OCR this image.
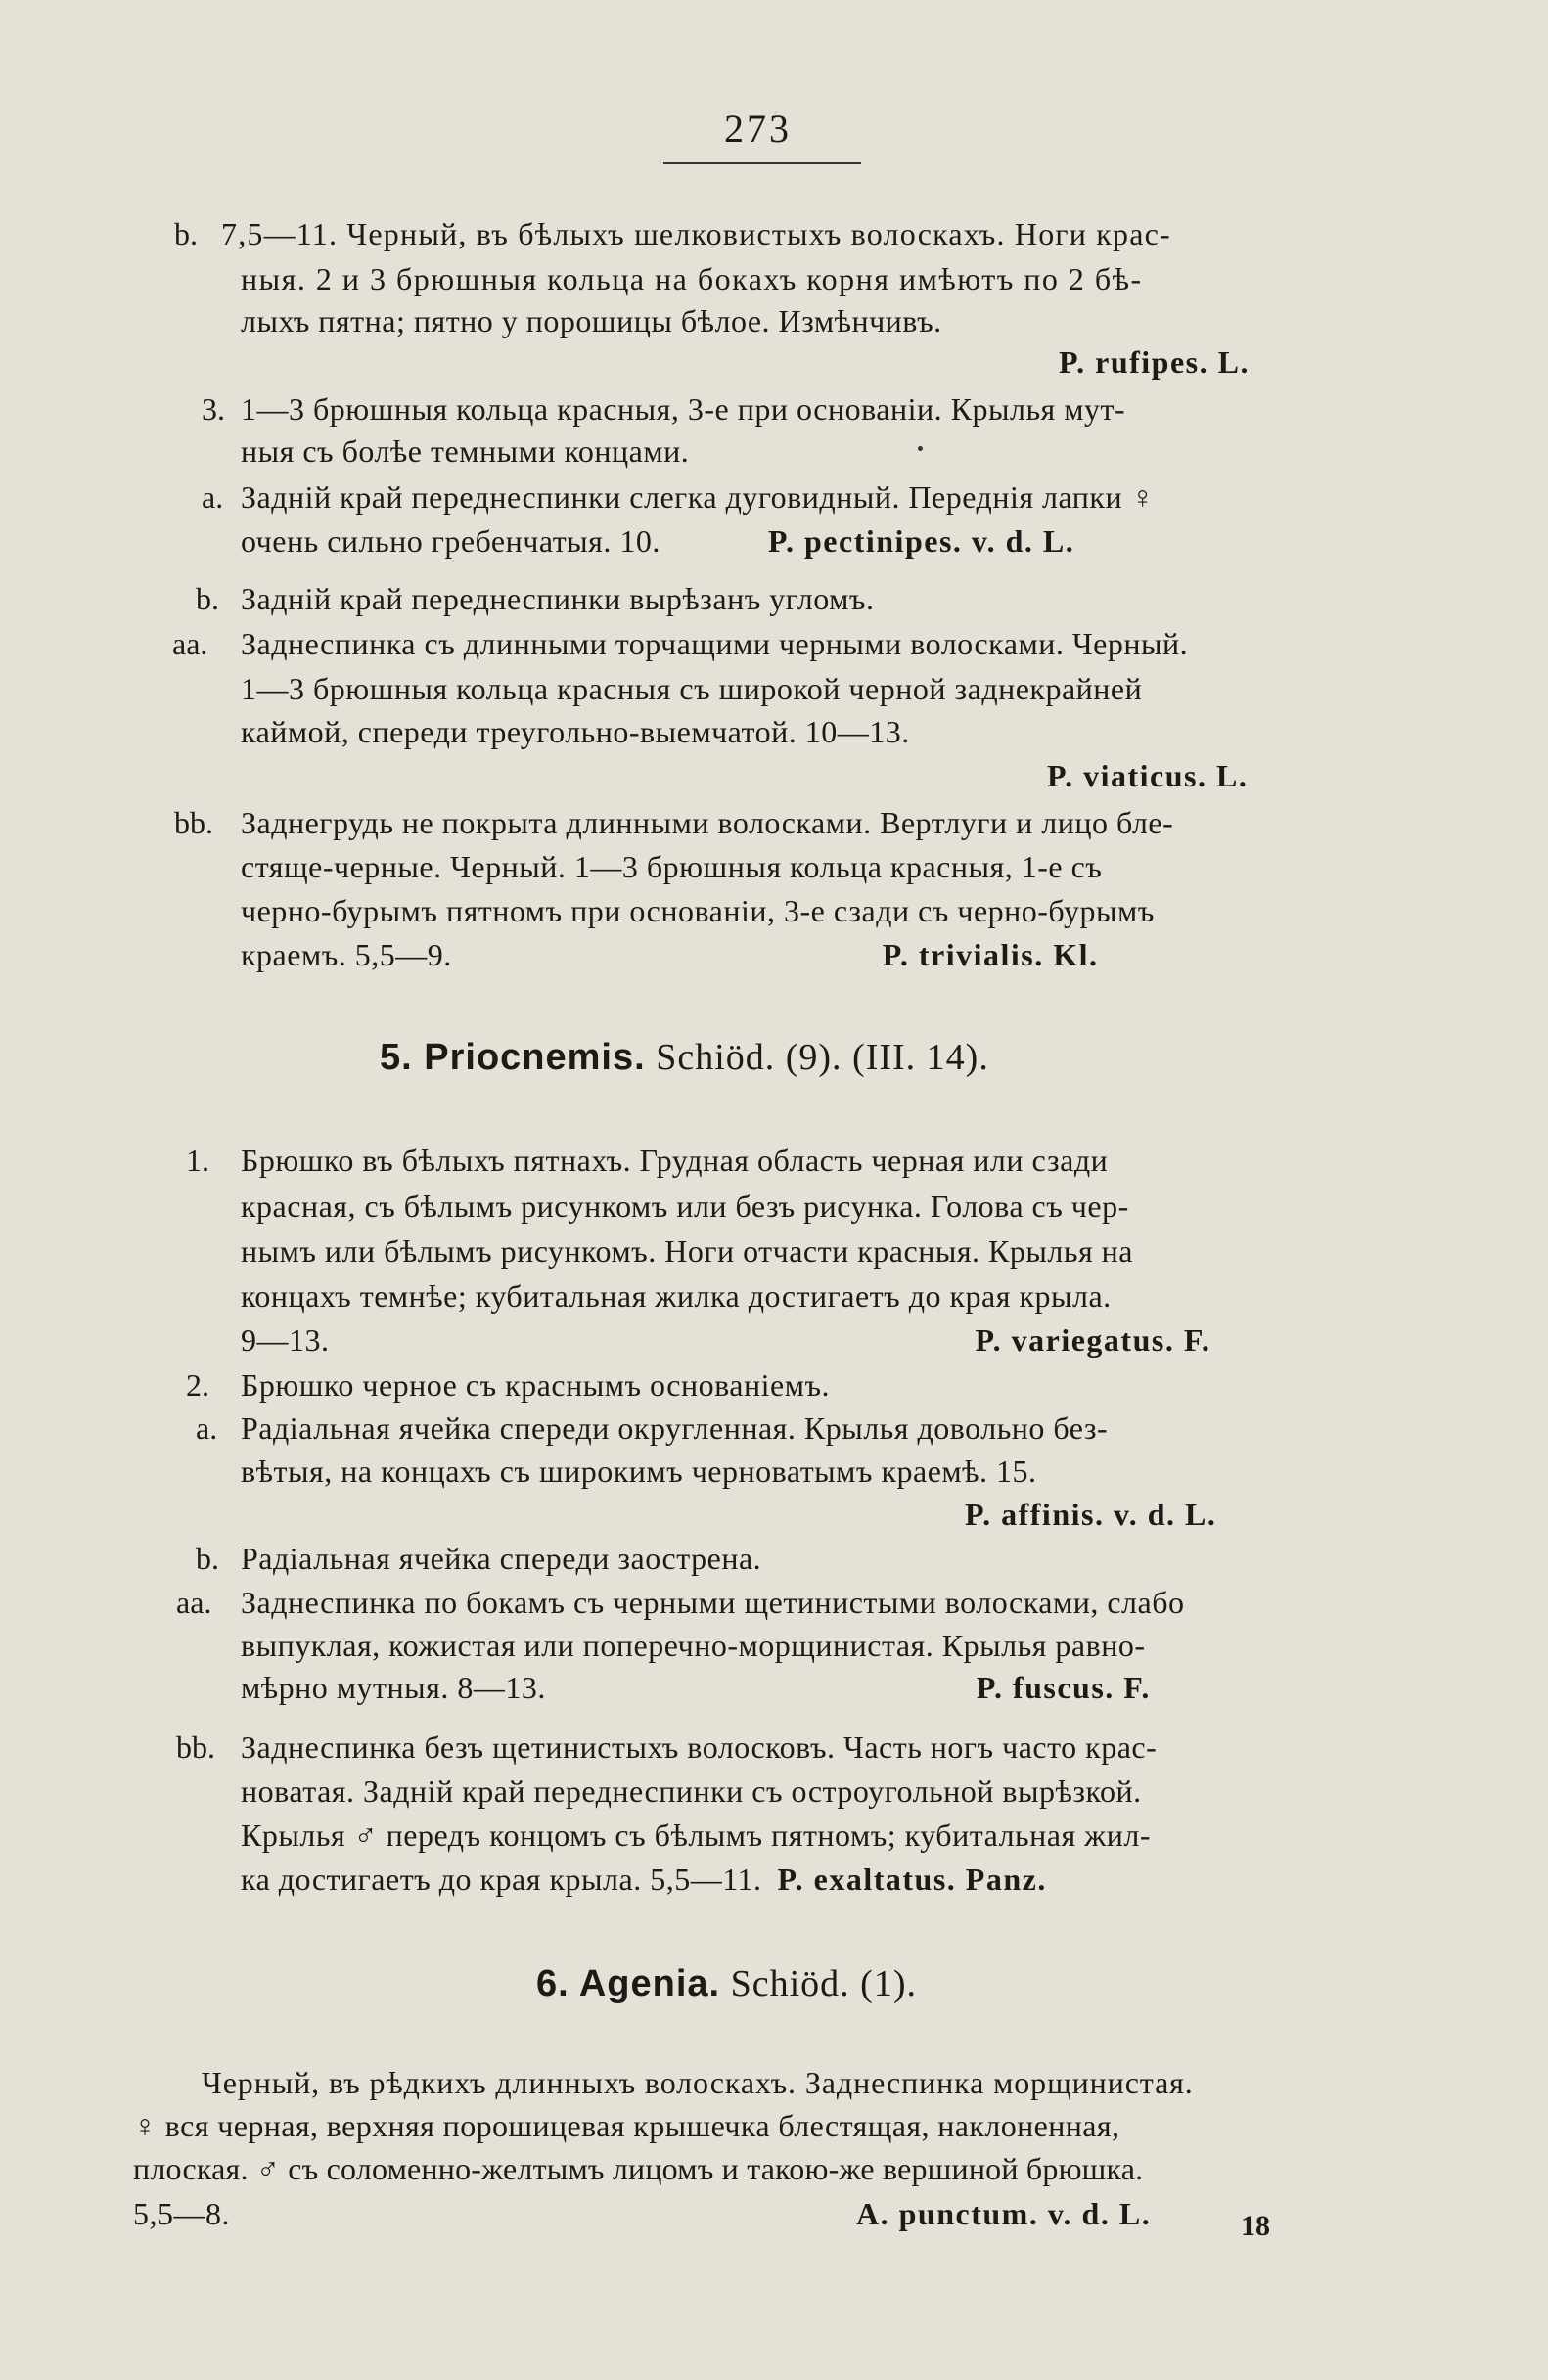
273
b. 7,5—11. Черный, въ бѣлыхъ шелковистыхъ волоскахъ. Ноги крас-
ныя. 2 и 3 брюшныя кольца на бокахъ корня имѣютъ по 2 бѣ-
лыхъ пятна; пятно у порошицы бѣлое. Измѣнчивъ.
P. rufipes. L.
3. 1—3 брюшныя кольца красныя, 3-е при основанiи. Крылья мут-
ныя съ болѣе темными концами.
a. Заднiй край переднеспинки слегка дуговидный. Переднiя лапки ♀
очень сильно гребенчатыя. 10.	P. pectinipes. v. d. L.
b. Заднiй край переднеспинки вырѣзанъ угломъ.
aa. Заднеспинка съ длинными торчащими черными волосками. Черный.
1—3 брюшныя кольца красныя съ широкой черной заднекрайней
каймой, спереди треугольно-выемчатой. 10—13.
P. viaticus. L.
bb. Заднегрудь не покрыта длинными волосками. Вертлуги и лицо бле-
стяще-черные. Черный. 1—3 брюшныя кольца красныя, 1-е съ
черно-бурымъ пятномъ при основанiи, 3-е сзади съ черно-бурымъ
краемъ. 5,5—9.	P. trivialis. Kl.
5. Priocnemis. Schiöd. (9). (III. 14).
1. Брюшко въ бѣлыхъ пятнахъ. Грудная область черная или сзади
красная, съ бѣлымъ рисункомъ или безъ рисунка. Голова съ чер-
нымъ или бѣлымъ рисункомъ. Ноги отчасти красныя. Крылья на
концахъ темнѣе; кубитальная жилка достигаетъ до края крыла.
9—13.	P. variegatus. F.
2. Брюшко черное съ краснымъ основанiемъ.
a. Радiальная ячейка спереди округленная. Крылья довольно без-
вѣтыя, на концахъ съ широкимъ черноватымъ краемѣ. 15.
P. affinis. v. d. L.
b. Радiальная ячейка спереди заострена.
aa. Заднеспинка по бокамъ съ черными щетинистыми волосками, слабо
выпуклая, кожистая или поперечно-морщинистая. Крылья равно-
мѣрно мутныя. 8—13.	P. fuscus. F.
bb. Заднеспинка безъ щетинистыхъ волосковъ. Часть ногъ часто крас-
новатая. Заднiй край переднеспинки съ остроугольной вырѣзкой.
Крылья ♂ передъ концомъ съ бѣлымъ пятномъ; кубитальная жил-
ка достигаетъ до края крыла. 5,5—11. P. exaltatus. Panz.
6. Agenia. Schiöd. (1).
Черный, въ рѣдкихъ длинныхъ волоскахъ. Заднеспинка морщинистая.
♀ вся черная, верхняя порошицевая крышечка блестящая, наклоненная,
плоская. ♂ съ соломенно-желтымъ лицомъ и такою-же вершиной брюшка.
5,5—8.	A. punctum. v. d. L.	18
